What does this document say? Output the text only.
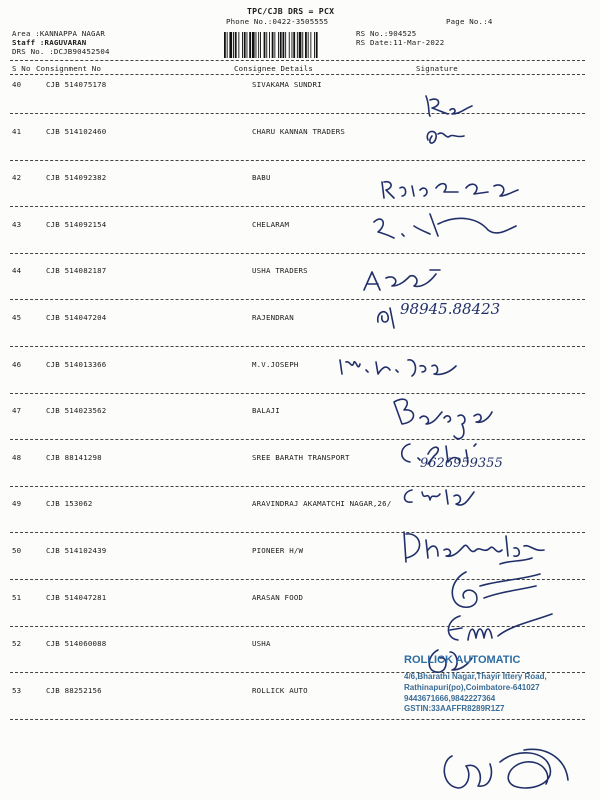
TPC/CJB DRS = PCX
Phone No.:0422-3505555
Area :KANNAPPA NAGAR
Staff :RAGUVARAN
DRS No. :DCJB90452504
RS No.:904525
RS Date:11-Mar-2022
Page No.:4
S No Consignment No	Consignee Details	Signature
40	CJB 514075178	SIVAKAMA SUNDRI
41	CJB 514102460	CHARU KANNAN TRADERS
42	CJB 514092382	BABU
43	CJB 514092154	CHELARAM
44	CJB 514082187	USHA TRADERS
45	CJB 514047204	RAJENDRAN
46	CJB 514013366	M.V.JOSEPH
47	CJB 514023562	BALAJI
48	CJB 88141298	SREE BARATH TRANSPORT
49	CJB 153062	ARAVINDRAJ AKAMATCHI NAGAR,26/
50	CJB 514102439	PIONEER H/W
51	CJB 514047281	ARASAN FOOD
52	CJB 514060088	USHA
53	CJB 88252156	ROLLICK AUTO
98945.88423
9626959355
ROLLICK AUTOMATIC
4/6,Bharathi Nagar,Thayir Ittery Road,
Rathinapuri(po),Coimbatore-641027
9443671666,9842227364
GSTIN:33AAFFR8289R1Z7
